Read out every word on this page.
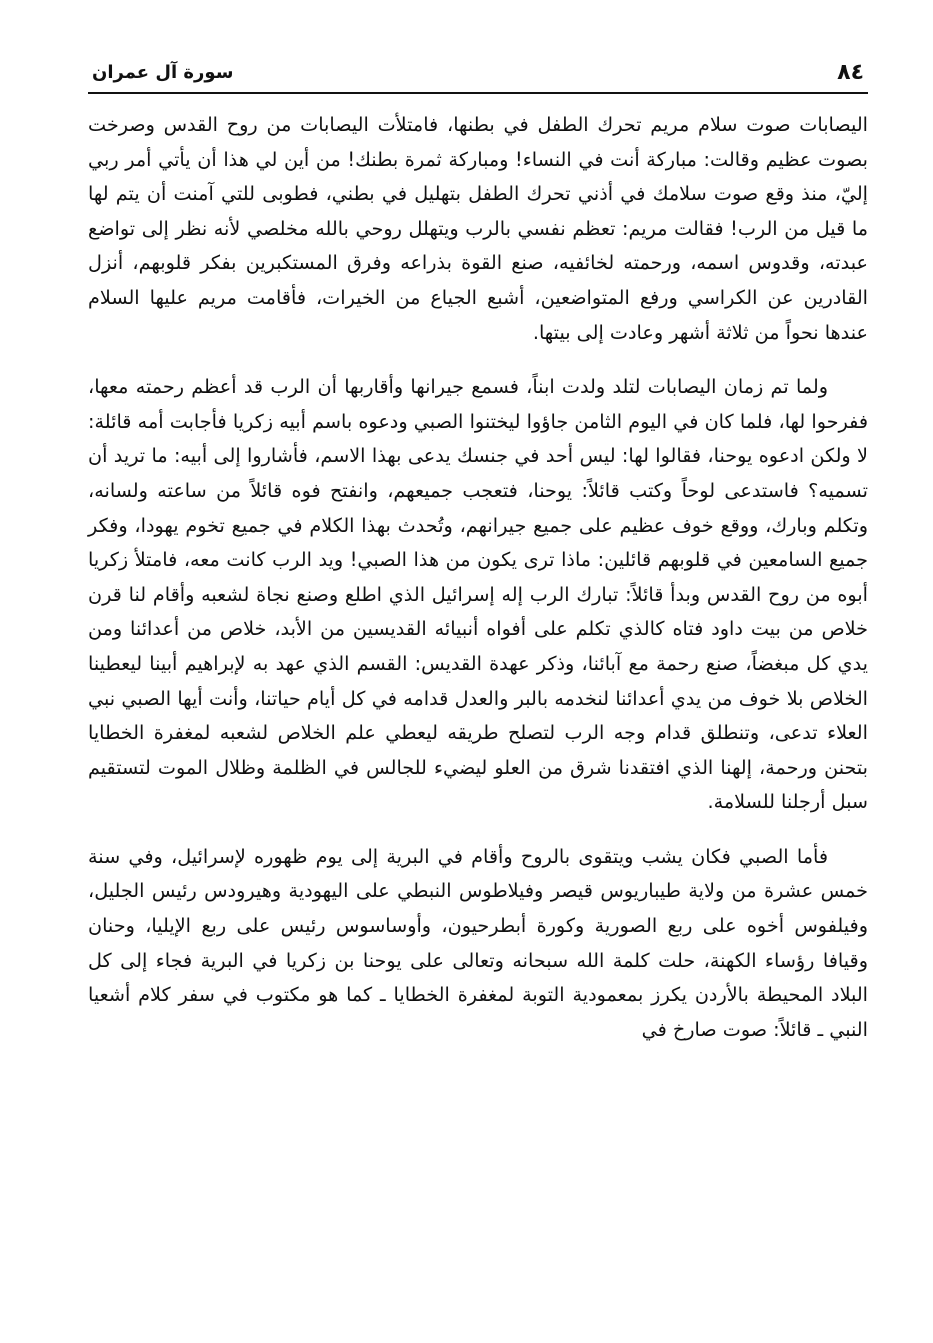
٨٤
سورة آل عمران

اليصابات صوت سلام مريم تحرك الطفل في بطنها، فامتلأت اليصابات من روح القدس وصرخت بصوت عظيم وقالت: مباركة أنت في النساء! ومباركة ثمرة بطنك! من أين لي هذا أن يأتي أمر ربي إليّ، منذ وقع صوت سلامك في أذني تحرك الطفل بتهليل في بطني، فطوبى للتي آمنت أن يتم لها ما قيل من الرب! فقالت مريم: تعظم نفسي بالرب ويتهلل روحي بالله مخلصي لأنه نظر إلى تواضع عبدته، وقدوس اسمه، ورحمته لخائفيه، صنع القوة بذراعه وفرق المستكبرين بفكر قلوبهم، أنزل القادرين عن الكراسي ورفع المتواضعين، أشبع الجياع من الخيرات، فأقامت مريم عليها السلام عندها نحواً من ثلاثة أشهر وعادت إلى بيتها.

ولما تم زمان اليصابات لتلد ولدت ابناً، فسمع جيرانها وأقاربها أن الرب قد أعظم رحمته معها، ففرحوا لها، فلما كان في اليوم الثامن جاؤوا ليختنوا الصبي ودعوه باسم أبيه زكريا فأجابت أمه قائلة: لا ولكن ادعوه يوحنا، فقالوا لها: ليس أحد في جنسك يدعى بهذا الاسم، فأشاروا إلى أبيه: ما تريد أن تسميه؟ فاستدعى لوحاً وكتب قائلاً: يوحنا، فتعجب جميعهم، وانفتح فوه قائلاً من ساعته ولسانه، وتكلم وبارك، ووقع خوف عظيم على جميع جيرانهم، وتُحدث بهذا الكلام في جميع تخوم يهودا، وفكر جميع السامعين في قلوبهم قائلين: ماذا ترى يكون من هذا الصبي! ويد الرب كانت معه، فامتلأ زكريا أبوه من روح القدس وبدأ قائلاً: تبارك الرب إله إسرائيل الذي اطلع وصنع نجاة لشعبه وأقام لنا قرن خلاص من بيت داود فتاه كالذي تكلم على أفواه أنبيائه القديسين من الأبد، خلاص من أعدائنا ومن يدي كل مبغضاً، صنع رحمة مع آبائنا، وذكر عهدة القديس: القسم الذي عهد به لإبراهيم أبينا ليعطينا الخلاص بلا خوف من يدي أعدائنا لنخدمه بالبر والعدل قدامه في كل أيام حياتنا، وأنت أيها الصبي نبي العلاء تدعى، وتنطلق قدام وجه الرب لتصلح طريقه ليعطي علم الخلاص لشعبه لمغفرة الخطايا بتحنن ورحمة، إلهنا الذي افتقدنا شرق من العلو ليضيء للجالس في الظلمة وظلال الموت لتستقيم سبل أرجلنا للسلامة.

فأما الصبي فكان يشب ويتقوى بالروح وأقام في البرية إلى يوم ظهوره لإسرائيل، وفي سنة خمس عشرة من ولاية طيباريوس قيصر وفيلاطوس النبطي على اليهودية وهيرودس رئيس الجليل، وفيلفوس أخوه على ربع الصورية وكورة أبطرحيون، وأوساسوس رئيس على ربع الإيليا، وحنان وقيافا رؤساء الكهنة، حلت كلمة الله سبحانه وتعالى على يوحنا بن زكريا في البرية فجاء إلى كل البلاد المحيطة بالأردن يكرز بمعمودية التوبة لمغفرة الخطايا ـ كما هو مكتوب في سفر كلام أشعيا النبي ـ قائلاً: صوت صارخ في
